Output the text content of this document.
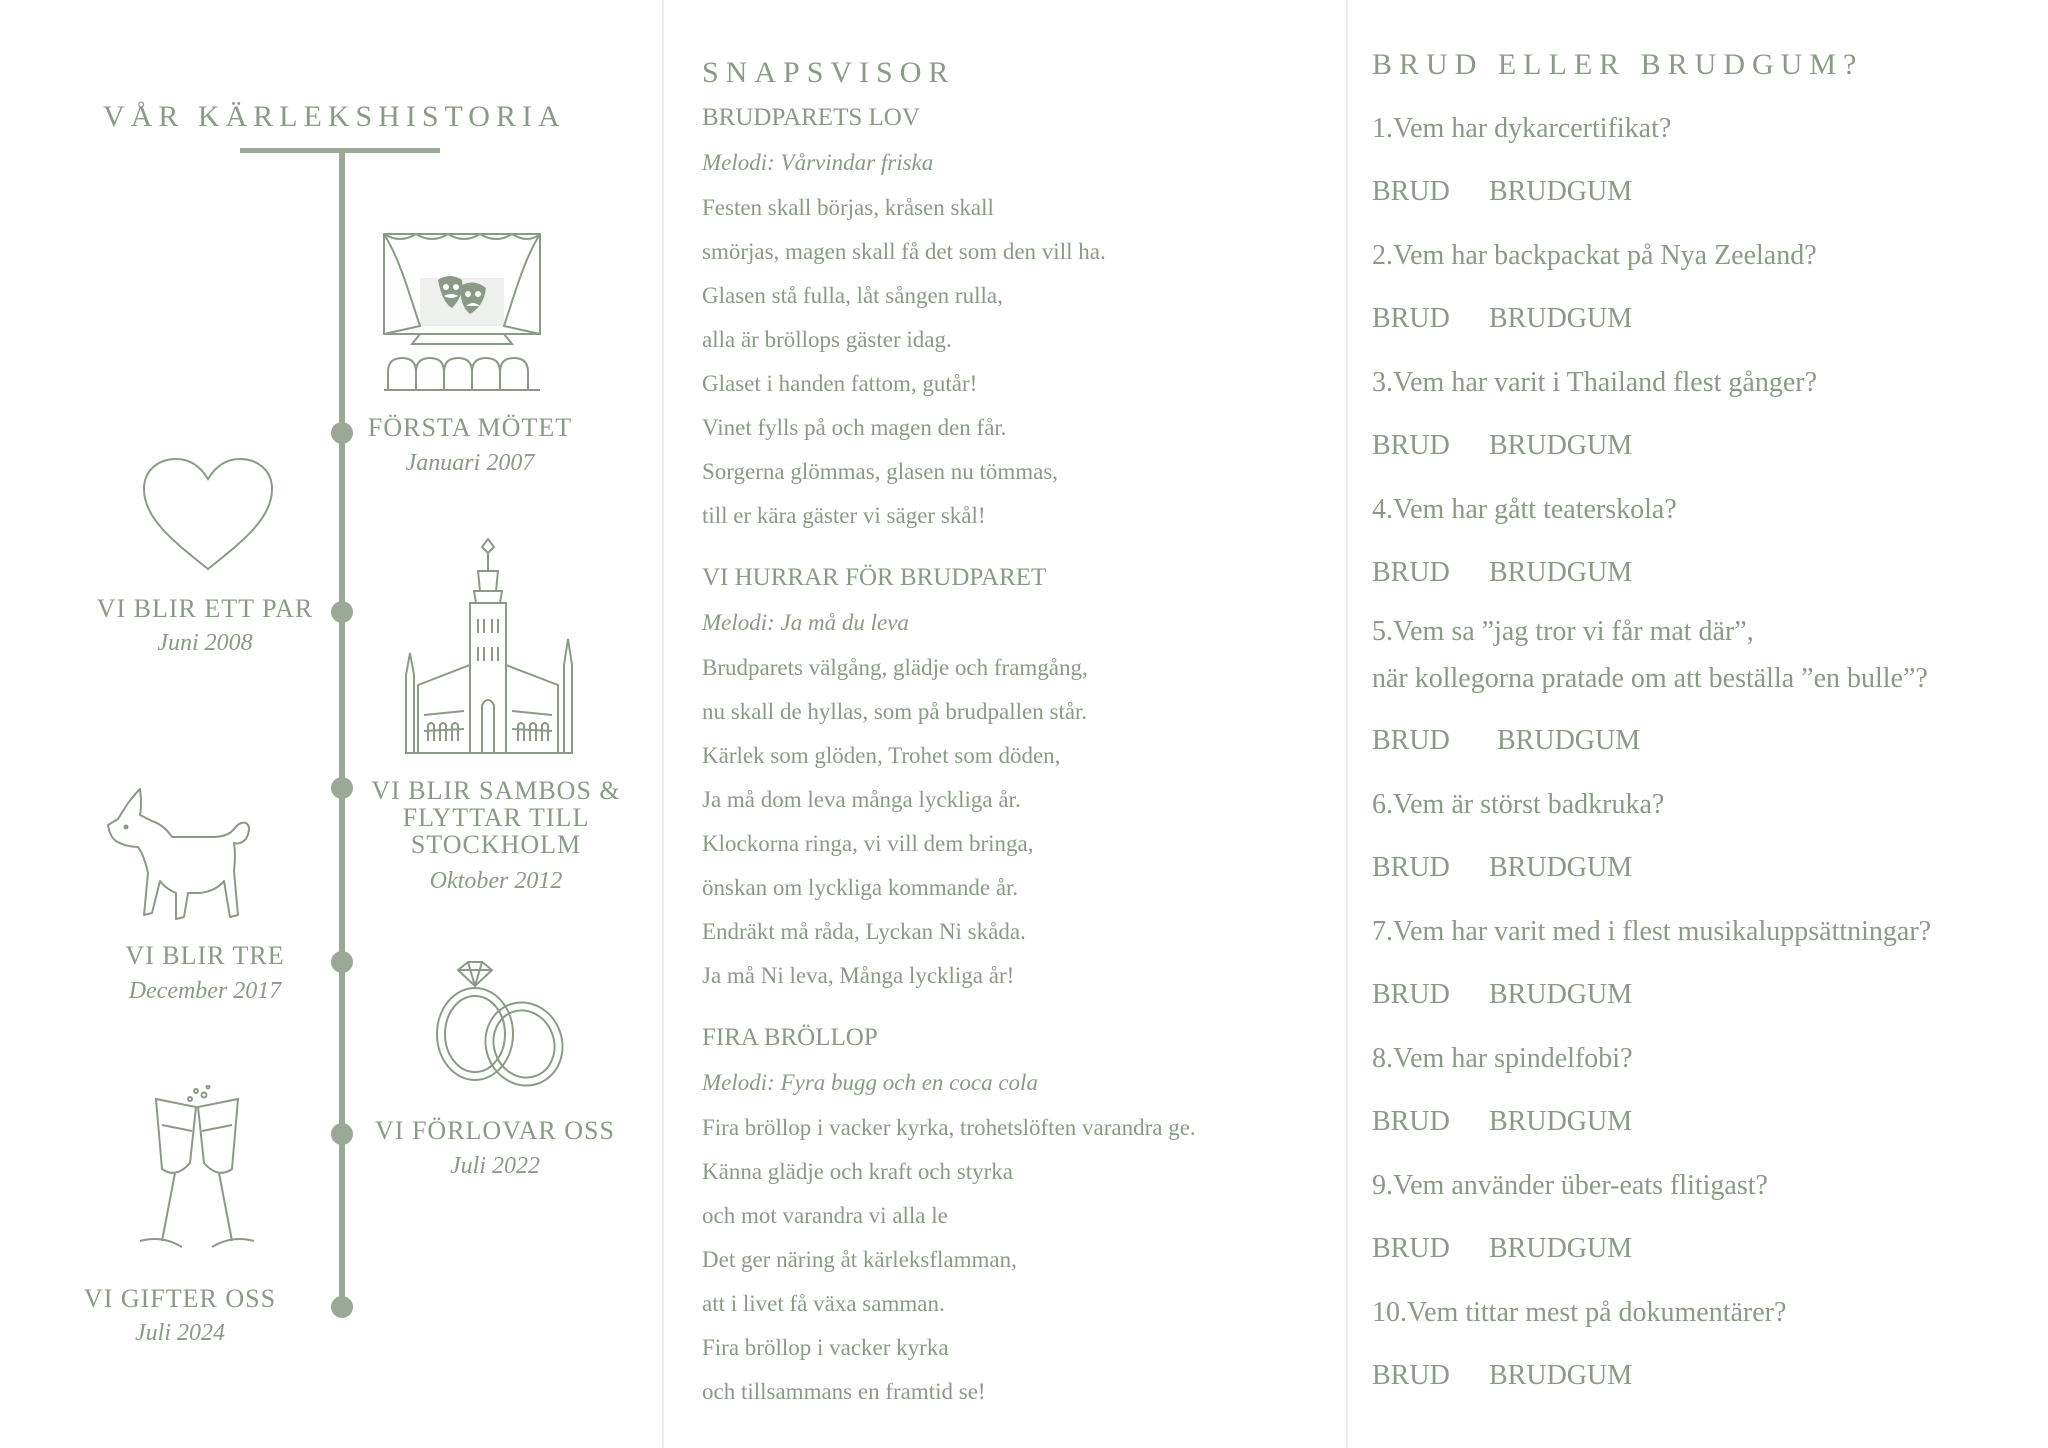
VÅR KÄRLEKSHISTORIA
FÖRSTA MÖTET
Januari 2007
VI BLIR ETT PAR
Juni 2008
VI BLIR SAMBOS & FLYTTAR TILL STOCKHOLM
Oktober 2012
VI BLIR TRE
December 2017
VI FÖRLOVAR OSS
Juli 2022
VI GIFTER OSS
Juli 2024
SNAPSVISOR
BRUDPARETS LOV
Melodi: Vårvindar friska
Festen skall börjas, kråsen skall
smörjas, magen skall få det som den vill ha.
Glasen stå fulla, låt sången rulla,
alla är bröllops gäster idag.
Glaset i handen fattom, gutår!
Vinet fylls på och magen den får.
Sorgerna glömmas, glasen nu tömmas,
till er kära gäster vi säger skål!
VI HURRAR FÖR BRUDPARET
Melodi: Ja må du leva
Brudparets välgång, glädje och framgång,
nu skall de hyllas, som på brudpallen står.
Kärlek som glöden, Trohet som döden,
Ja må dom leva många lyckliga år.
Klockorna ringa, vi vill dem bringa,
önskan om lyckliga kommande år.
Endräkt må råda, Lyckan Ni skåda.
Ja må Ni leva, Många lyckliga år!
FIRA BRÖLLOP
Melodi: Fyra bugg och en coca cola
Fira bröllop i vacker kyrka, trohetslöften varandra ge.
Känna glädje och kraft och styrka
och mot varandra vi alla le
Det ger näring åt kärleksflamman,
att i livet få växa samman.
Fira bröllop i vacker kyrka
och tillsammans en framtid se!
BRUD ELLER BRUDGUM?
1.Vem har dykarcertifikat?
BRUD BRUDGUM
2.Vem har backpackat på Nya Zeeland?
BRUD BRUDGUM
3.Vem har varit i Thailand flest gånger?
BRUD BRUDGUM
4.Vem har gått teaterskola?
BRUD BRUDGUM
5.Vem sa ”jag tror vi får mat där”,
när kollegorna pratade om att beställa ”en bulle”?
BRUD BRUDGUM
6.Vem är störst badkruka?
BRUD BRUDGUM
7.Vem har varit med i flest musikaluppsättningar?
BRUD BRUDGUM
8.Vem har spindelfobi?
BRUD BRUDGUM
9.Vem använder über-eats flitigast?
BRUD BRUDGUM
10.Vem tittar mest på dokumentärer?
BRUD BRUDGUM
